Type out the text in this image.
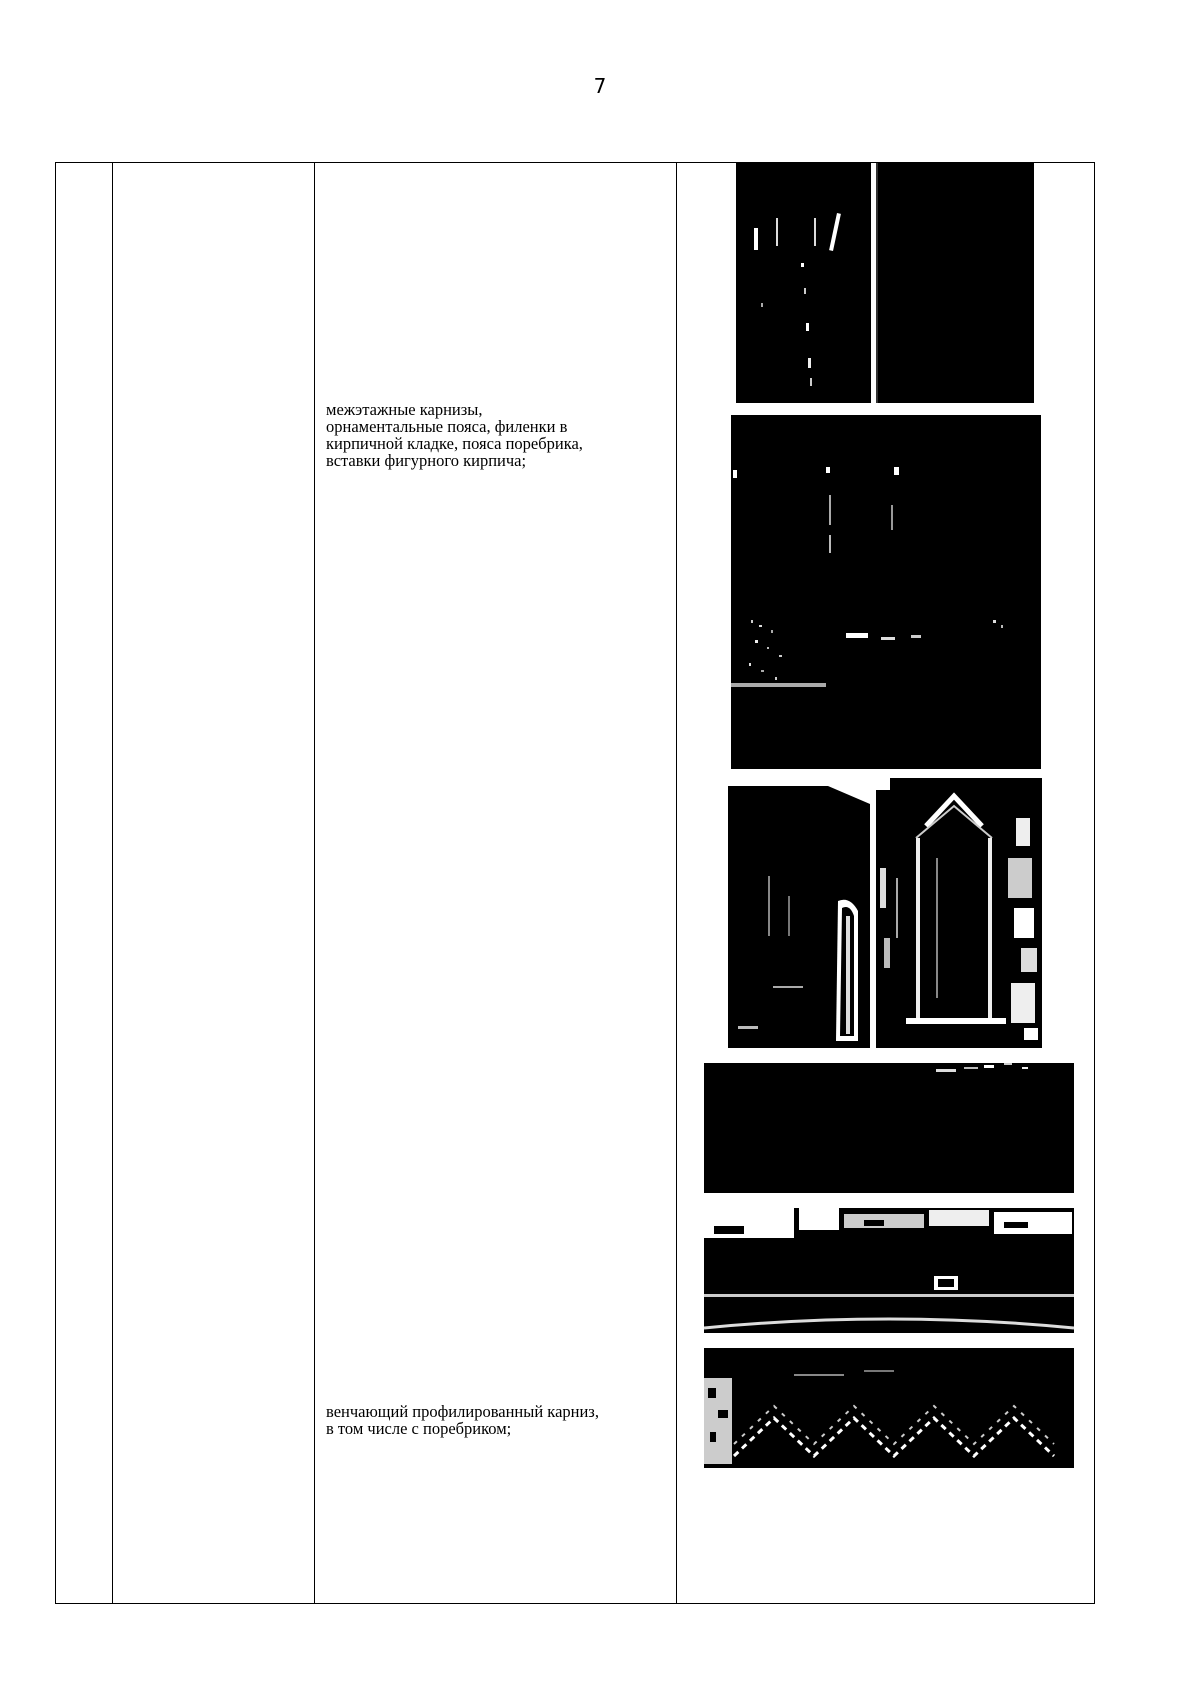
7
межэтажные карнизы,
орнаментальные пояса, филенки в
кирпичной кладке, пояса поребрика,
вставки фигурного кирпича;
венчающий профилированный карниз,
в том числе с поребриком;
